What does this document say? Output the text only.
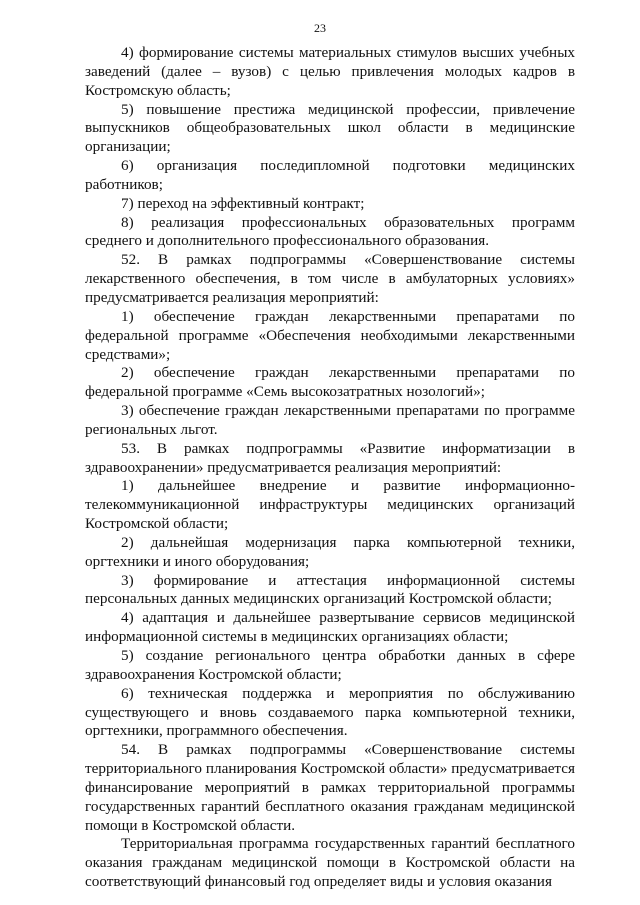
23

4) формирование системы материальных стимулов высших учебных заведений (далее – вузов) с целью привлечения молодых кадров в Костромскую область;

5) повышение престижа медицинской профессии, привлечение выпускников общеобразовательных школ области в медицинские организации;

6) организация последипломной подготовки медицинских работников;

7) переход на эффективный контракт;

8) реализация профессиональных образовательных программ среднего и дополнительного профессионального образования.

52. В рамках подпрограммы «Совершенствование системы лекарственного обеспечения, в том числе в амбулаторных условиях» предусматривается реализация мероприятий:

1) обеспечение граждан лекарственными препаратами по федеральной программе «Обеспечения необходимыми лекарственными средствами»;

2) обеспечение граждан лекарственными препаратами по федеральной программе «Семь высокозатратных нозологий»;

3) обеспечение граждан лекарственными препаратами по программе региональных льгот.

53. В рамках подпрограммы «Развитие информатизации в здравоохранении» предусматривается реализация мероприятий:

1) дальнейшее внедрение и развитие информационно-телекоммуникационной инфраструктуры медицинских организаций Костромской области;

2) дальнейшая модернизация парка компьютерной техники, оргтехники и иного оборудования;

3) формирование и аттестация информационной системы персональных данных медицинских организаций Костромской области;

4) адаптация и дальнейшее развертывание сервисов медицинской информационной системы в медицинских организациях области;

5) создание регионального центра обработки данных в сфере здравоохранения Костромской области;

6) техническая поддержка и мероприятия по обслуживанию существующего и вновь создаваемого парка компьютерной техники, оргтехники, программного обеспечения.

54. В рамках подпрограммы «Совершенствование системы территориального планирования Костромской области» предусматривается финансирование мероприятий в рамках территориальной программы государственных гарантий бесплатного оказания гражданам медицинской помощи в Костромской области.

Территориальная программа государственных гарантий бесплатного оказания гражданам медицинской помощи в Костромской области на соответствующий финансовый год определяет виды и условия оказания
